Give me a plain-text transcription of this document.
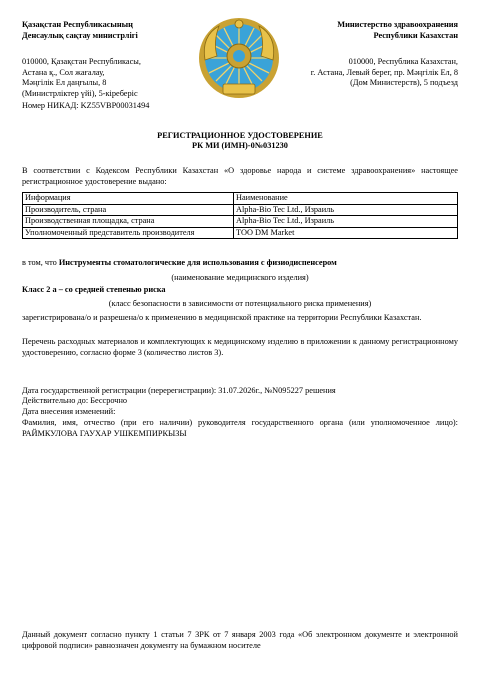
Қазақстан Республикасының
Денсаулық сақтау министрлігі
Министерство здравоохранения
Республики Казахстан
010000, Қазақстан Республикасы,
Астана қ., Сол жағалау,
Мәңгілік Ел даңғылы, 8
(Министрліктер үйі), 5-кіреберіс
010000, Республика Казахстан,
г. Астана, Левый берег, пр. Мәңгілік Ел, 8
(Дом Министерств), 5 подъезд
Номер НИКАД: KZ55VBP00031494
РЕГИСТРАЦИОННОЕ УДОСТОВЕРЕНИЕ
РК МИ (ИМН)-0№031230
В соответствии с Кодексом Республики Казахстан «О здоровье народа и системе здравоохранения» настоящее регистрационное удостоверение выдано:
Информация	Наименование
Производитель, страна	Alpha-Bio Tec Ltd., Израиль
Производственная площадка, страна	Alpha-Bio Tec Ltd., Израиль
Уполномоченный представитель производителя	ТОО DM Market
в том, что Инструменты стоматологические для использования с физиодиспенсером
(наименование медицинского изделия)
Класс 2 а – со средней степенью риска
(класс безопасности в зависимости от потенциального риска применения)
зарегистрирована/о и разрешена/о к применению в медицинской практике на территории Республики Казахстан.
Перечень расходных материалов и комплектующих к медицинскому изделию в приложении к данному регистрационному удостоверению, согласно форме 3 (количество листов 3).
Дата государственной регистрации (перерегистрации): 31.07.2026г., №N095227 решения
Действительно до: Бессрочно
Дата внесения изменений:
Фамилия, имя, отчество (при его наличии) руководителя государственного органа (или уполномоченное лицо): РАЙМКУЛОВА ГАУХАР УШКЕМПИРКЫЗЫ
Данный документ согласно пункту 1 статьи 7 ЗРК от 7 января 2003 года «Об электронном документе и электронной цифровой подписи» равнозначен документу на бумажном носителе
